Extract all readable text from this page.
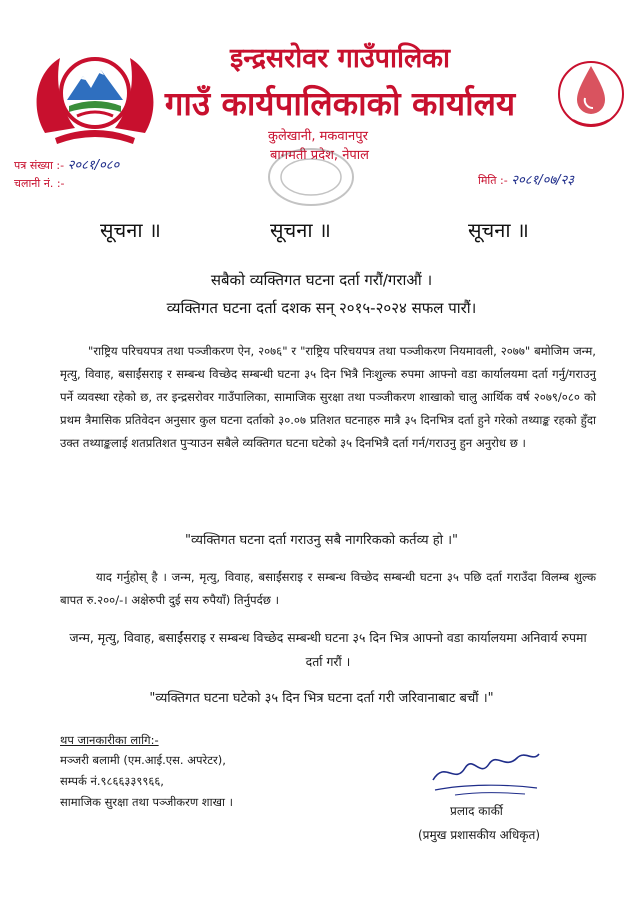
इन्द्रसरोवर गाउँपालिका
गाउँ कार्यपालिकाको कार्यालय
कुलेखानी, मकवानपुर
बागमती प्रदेश, नेपाल
पत्र संख्या :- २०८१/०८०
चलानी नं. :-	मिति :- २०८१/०७/२३
सूचना ॥	सूचना ॥	सूचना ॥
सबैको व्यक्तिगत घटना दर्ता गरौं/गराऔं ।
व्यक्तिगत घटना दर्ता दशक सन् २०१५-२०२४ सफल पारौं।
"राष्ट्रिय परिचयपत्र तथा पञ्जीकरण ऐन, २०७६" र "राष्ट्रिय परिचयपत्र तथा पञ्जीकरण नियमावली, २०७७" बमोजिम जन्म, मृत्यु, विवाह, बसाईंसराइ र सम्बन्ध विच्छेद सम्बन्धी घटना ३५ दिन भित्रै निःशुल्क रुपमा आफ्नो वडा कार्यालयमा दर्ता गर्नु/गराउनु पर्ने व्यवस्था रहेको छ, तर इन्द्रसरोवर गाउँपालिका, सामाजिक सुरक्षा तथा पञ्जीकरण शाखाको चालु आर्थिक वर्ष २०७९/०८० को प्रथम त्रैमासिक प्रतिवेदन अनुसार कुल घटना दर्ताको ३०.०७ प्रतिशत घटनाहरु मात्रै ३५ दिनभित्र दर्ता हुने गरेको तथ्याङ्क रहको हुँदा उक्त तथ्याङ्कलाई शतप्रतिशत पुर्‍याउन सबैले व्यक्तिगत घटना घटेको ३५ दिनभित्रै दर्ता गर्न/गराउनु हुन अनुरोध छ ।
"व्यक्तिगत घटना दर्ता गराउनु सबै नागरिकको कर्तव्य हो ।"
याद गर्नुहोस् है । जन्म, मृत्यु, विवाह, बसाईंसराइ र सम्बन्ध विच्छेद सम्बन्धी घटना ३५ पछि दर्ता गराउँदा विलम्ब शुल्क बापत रु.२००/-। अक्षेरुपी दुई सय रुपैयाँ) तिर्नुपर्दछ ।
जन्म, मृत्यु, विवाह, बसाईंसराइ र सम्बन्ध विच्छेद सम्बन्धी घटना ३५ दिन भित्र आफ्नो वडा कार्यालयमा अनिवार्य रुपमा दर्ता गरौं ।
"व्यक्तिगत घटना घटेको ३५ दिन भित्र घटना दर्ता गरी जरिवानाबाट बचौं ।"
थप जानकारीका लागि:-
मञ्जरी बलामी (एम.आई.एस. अपरेटर),
सम्पर्क नं.९८६६३३९९६६,
सामाजिक सुरक्षा तथा पञ्जीकरण शाखा ।
प्रलाद कार्की
(प्रमुख प्रशासकीय अधिकृत)
